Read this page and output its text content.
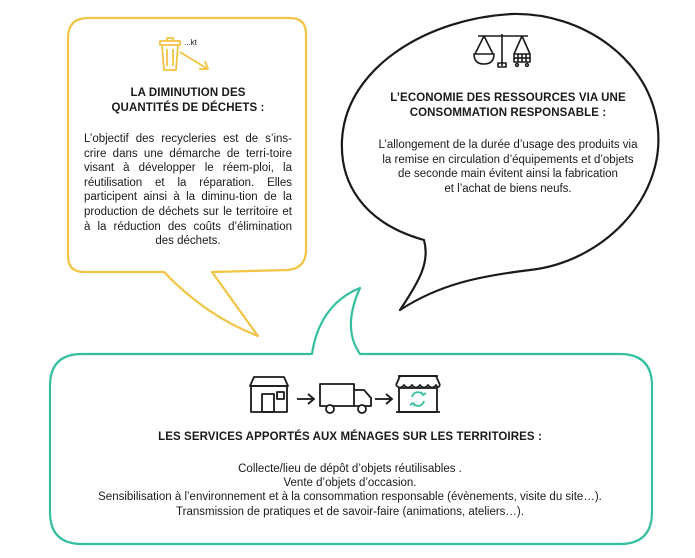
...kt
LA DIMINUTION DES
QUANTITÉS DE DÉCHETS :
L’objectif des recycleries est de s’ins-crire dans une démarche de terri-toire visant à développer le réem-ploi, la réutilisation et la réparation. Elles participent ainsi à la diminu-tion de la production de déchets sur le territoire et à la réduction des coûts d’élimination des déchets.
L’ECONOMIE DES RESSOURCES VIA UNE
CONSOMMATION RESPONSABLE :
L’allongement de la durée d’usage des produits via
la remise en circulation d’équipements et d’objets
de seconde main évitent ainsi la fabrication
et l’achat de biens neufs.
LES SERVICES APPORTÉS AUX MÉNAGES SUR LES TERRITOIRES :
Collecte/lieu de dépôt d’objets réutilisables .
Vente d’objets d’occasion.
Sensibilisation à l’environnement et à la consommation responsable (évènements, visite du site…).
Transmission de pratiques et de savoir-faire (animations, ateliers…).
